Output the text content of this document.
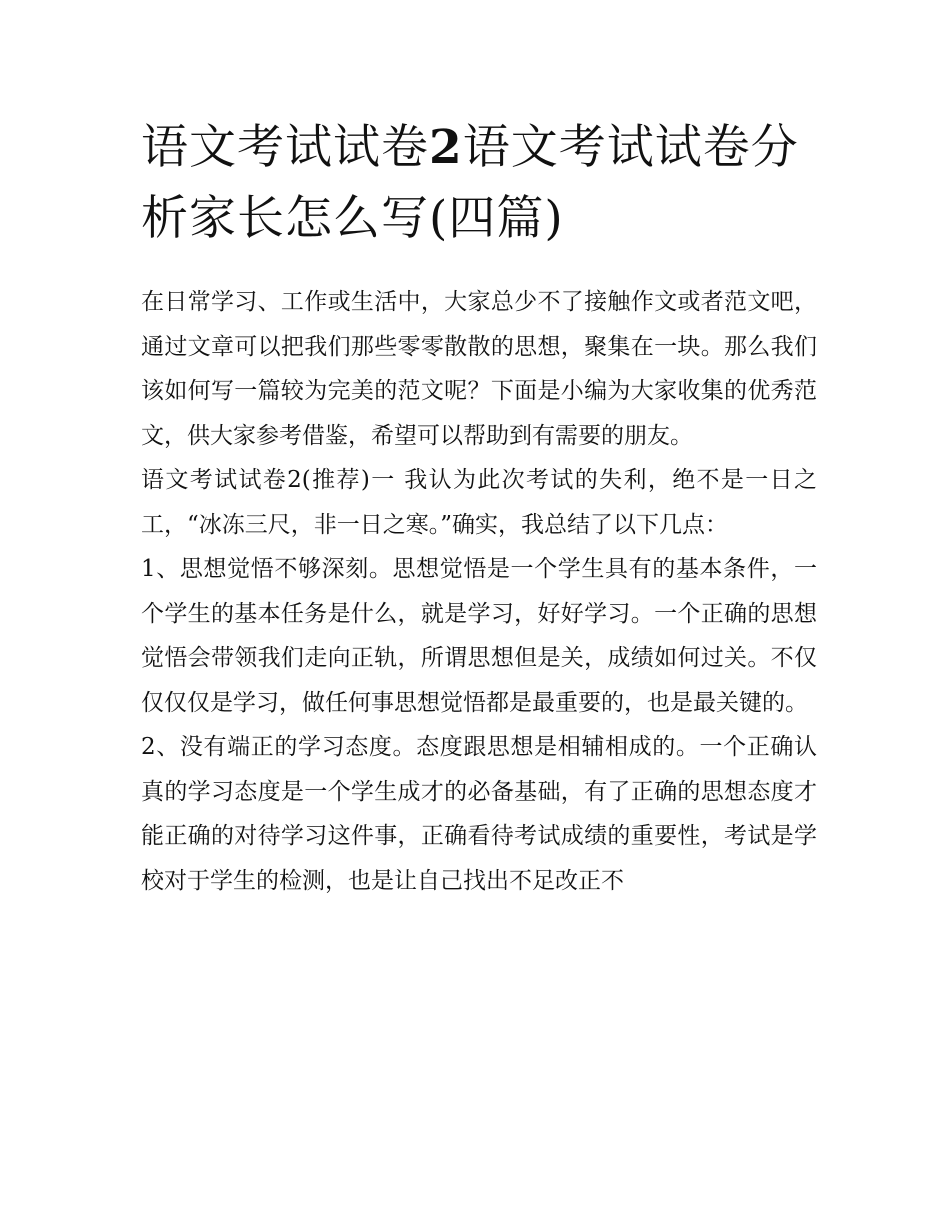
语文考试试卷2语文考试试卷分析家长怎么写(四篇)

在日常学习、工作或生活中，大家总少不了接触作文或者范文吧，通过文章可以把我们那些零零散散的思想，聚集在一块。那么我们该如何写一篇较为完美的范文呢？下面是小编为大家收集的优秀范文，供大家参考借鉴，希望可以帮助到有需要的朋友。

语文考试试卷2(推荐)一 我认为此次考试的失利，绝不是一日之工，“冰冻三尺，非一日之寒。”确实，我总结了以下几点：

1、思想觉悟不够深刻。思想觉悟是一个学生具有的基本条件，一个学生的基本任务是什么，就是学习，好好学习。一个正确的思想觉悟会带领我们走向正轨，所谓思想但是关，成绩如何过关。不仅仅仅仅是学习，做任何事思想觉悟都是最重要的，也是最关键的。

2、没有端正的学习态度。态度跟思想是相辅相成的。一个正确认真的学习态度是一个学生成才的必备基础，有了正确的思想态度才能正确的对待学习这件事，正确看待考试成绩的重要性，考试是学校对于学生的检测，也是让自己找出不足改正不
